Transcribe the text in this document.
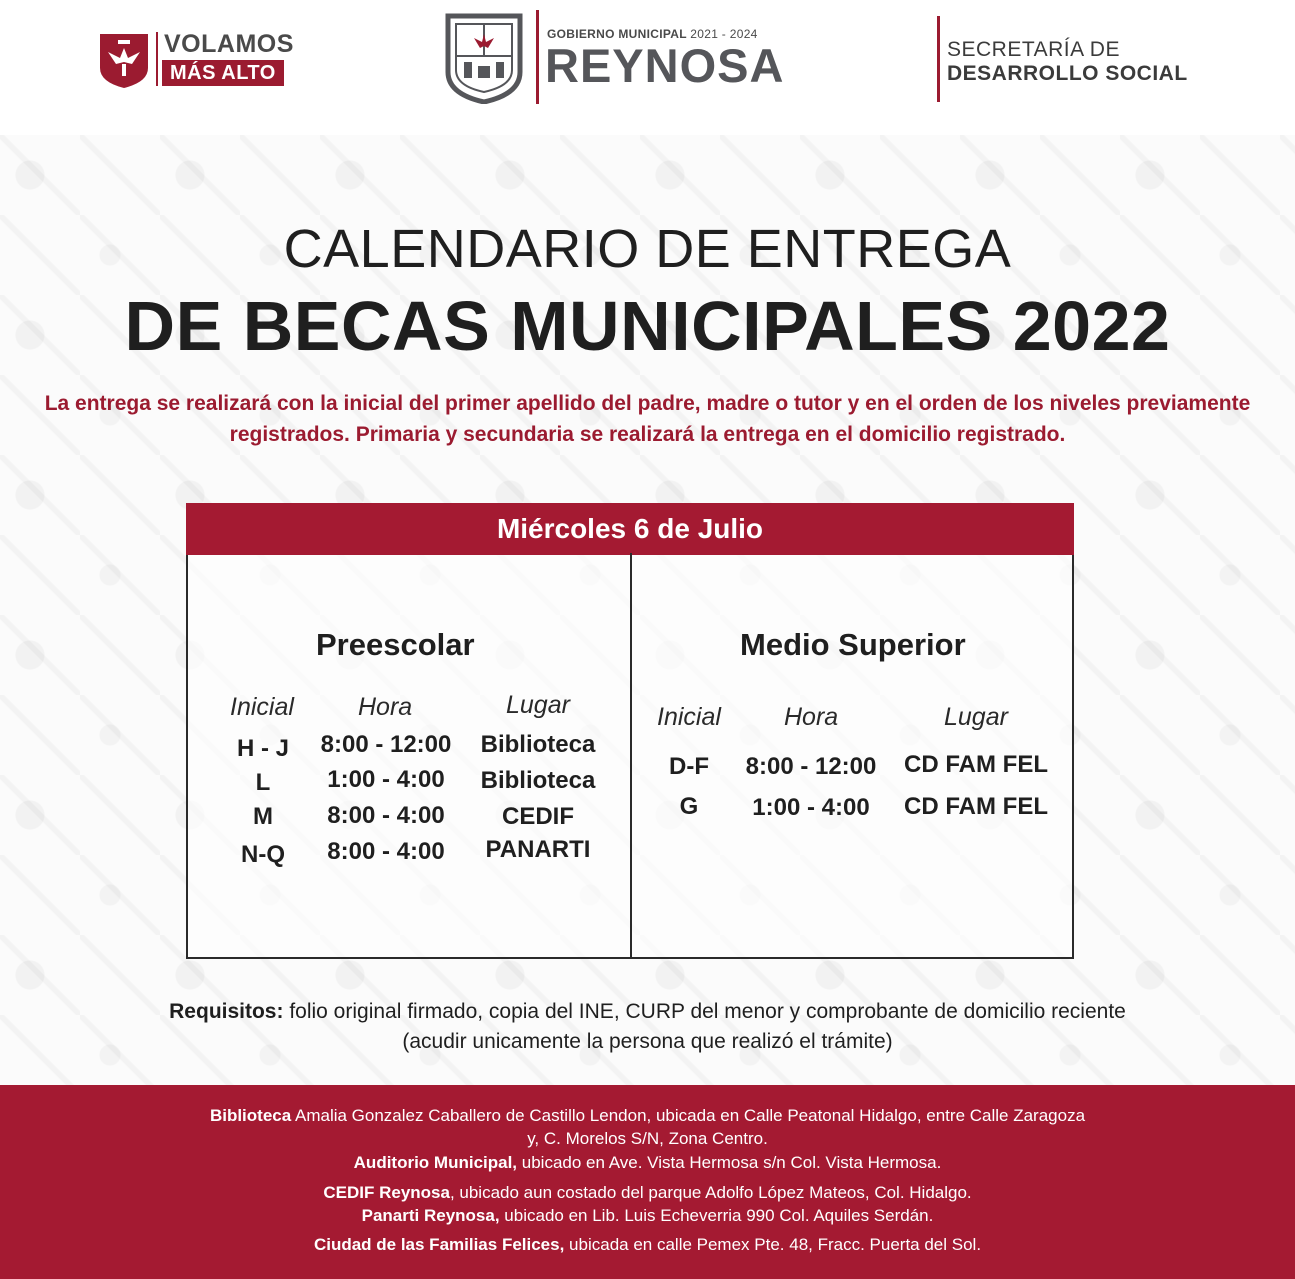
VOLAMOS
MÁS ALTO
GOBIERNO MUNICIPAL 2021 - 2024
REYNOSA	SECRETARÍA DE
DESARROLLO SOCIAL
CALENDARIO DE ENTREGA
DE BECAS MUNICIPALES 2022
La entrega se realizará con la inicial del primer apellido del padre, madre o tutor y en el orden de los niveles previamente registrados. Primaria y secundaria se realizará la entrega en el domicilio registrado.
Miércoles 6 de Julio
Preescolar
Inicial	Hora	Lugar
H - J	8:00 - 12:00	Biblioteca
L	1:00 - 4:00	Biblioteca
M	8:00 - 4:00	CEDIF
N-Q	8:00 - 4:00	PANARTI
Medio Superior
Inicial	Hora	Lugar
D-F	8:00 - 12:00	CD FAM FEL
G	1:00 - 4:00	CD FAM FEL
Requisitos: folio original firmado, copia del INE, CURP del menor y comprobante de domicilio reciente
(acudir unicamente la persona que realizó el trámite)
Biblioteca Amalia Gonzalez Caballero de Castillo Lendon, ubicada en Calle Peatonal Hidalgo, entre Calle Zaragoza
y, C. Morelos S/N, Zona Centro.
Auditorio Municipal, ubicado en Ave. Vista Hermosa s/n Col. Vista Hermosa.
CEDIF Reynosa, ubicado aun costado del parque Adolfo López Mateos, Col. Hidalgo.
Panarti Reynosa, ubicado en Lib. Luis Echeverria 990 Col. Aquiles Serdán.
Ciudad de las Familias Felices, ubicada en calle Pemex Pte. 48, Fracc. Puerta del Sol.
